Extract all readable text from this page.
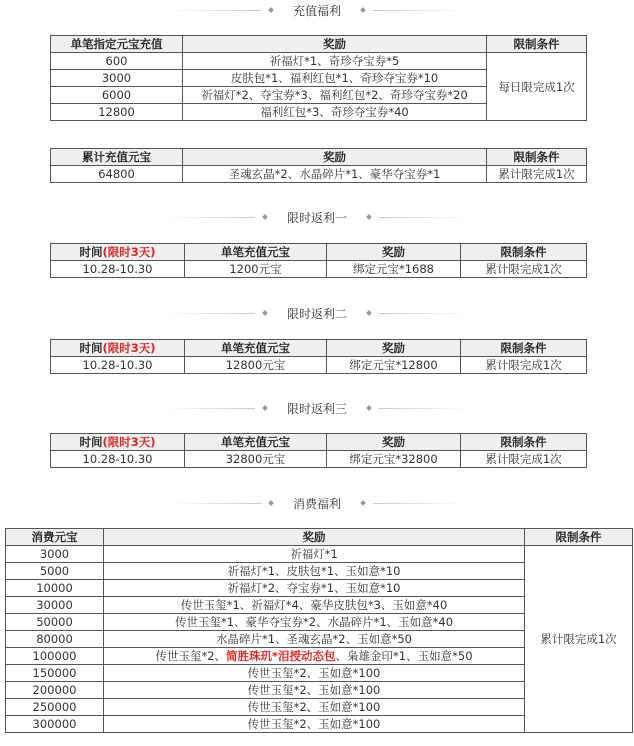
充值福利
单笔指定元宝充值	奖励	限制条件
600	祈福灯*1、奇珍夺宝券*5	每日限完成1次
3000	皮肤包*1、福利红包*1、奇珍夺宝券*10	
6000	祈福灯*2、夺宝券*3、福利红包*2、奇珍夺宝券*20	
12800	福利红包*3、奇珍夺宝券*40	
累计充值元宝	奖励	限制条件
64800	圣魂玄晶*2、水晶碎片*1、豪华夺宝券*1	累计限完成1次
限时返利一
时间(限时3天)	单笔充值元宝	奖励	限制条件
10.28-10.30	1200元宝	绑定元宝*1688	累计限完成1次
限时返利二
时间(限时3天)	单笔充值元宝	奖励	限制条件
10.28-10.30	12800元宝	绑定元宝*12800	累计限完成1次
限时返利三
时间(限时3天)	单笔充值元宝	奖励	限制条件
10.28-10.30	32800元宝	绑定元宝*32800	累计限完成1次
消费福利
消费元宝	奖励	限制条件
3000	祈福灯*1	累计限完成1次
5000	祈福灯*1、皮肤包*1、玉如意*10	
10000	祈福灯*2、夺宝券*1、玉如意*10	
30000	传世玉玺*1、祈福灯*4、豪华皮肤包*3、玉如意*40	
50000	传世玉玺*1、豪华夺宝券*2、水晶碎片*1、玉如意*40	
80000	水晶碎片*1、圣魂玄晶*2、玉如意*50	
100000	传世玉玺*2、简胜珠玑*泪授动态包、枭雄金印*1、玉如意*50	
150000	传世玉玺*2、玉如意*100	
200000	传世玉玺*2、玉如意*100	
250000	传世玉玺*2、玉如意*100	
300000	传世玉玺*2、玉如意*100	
